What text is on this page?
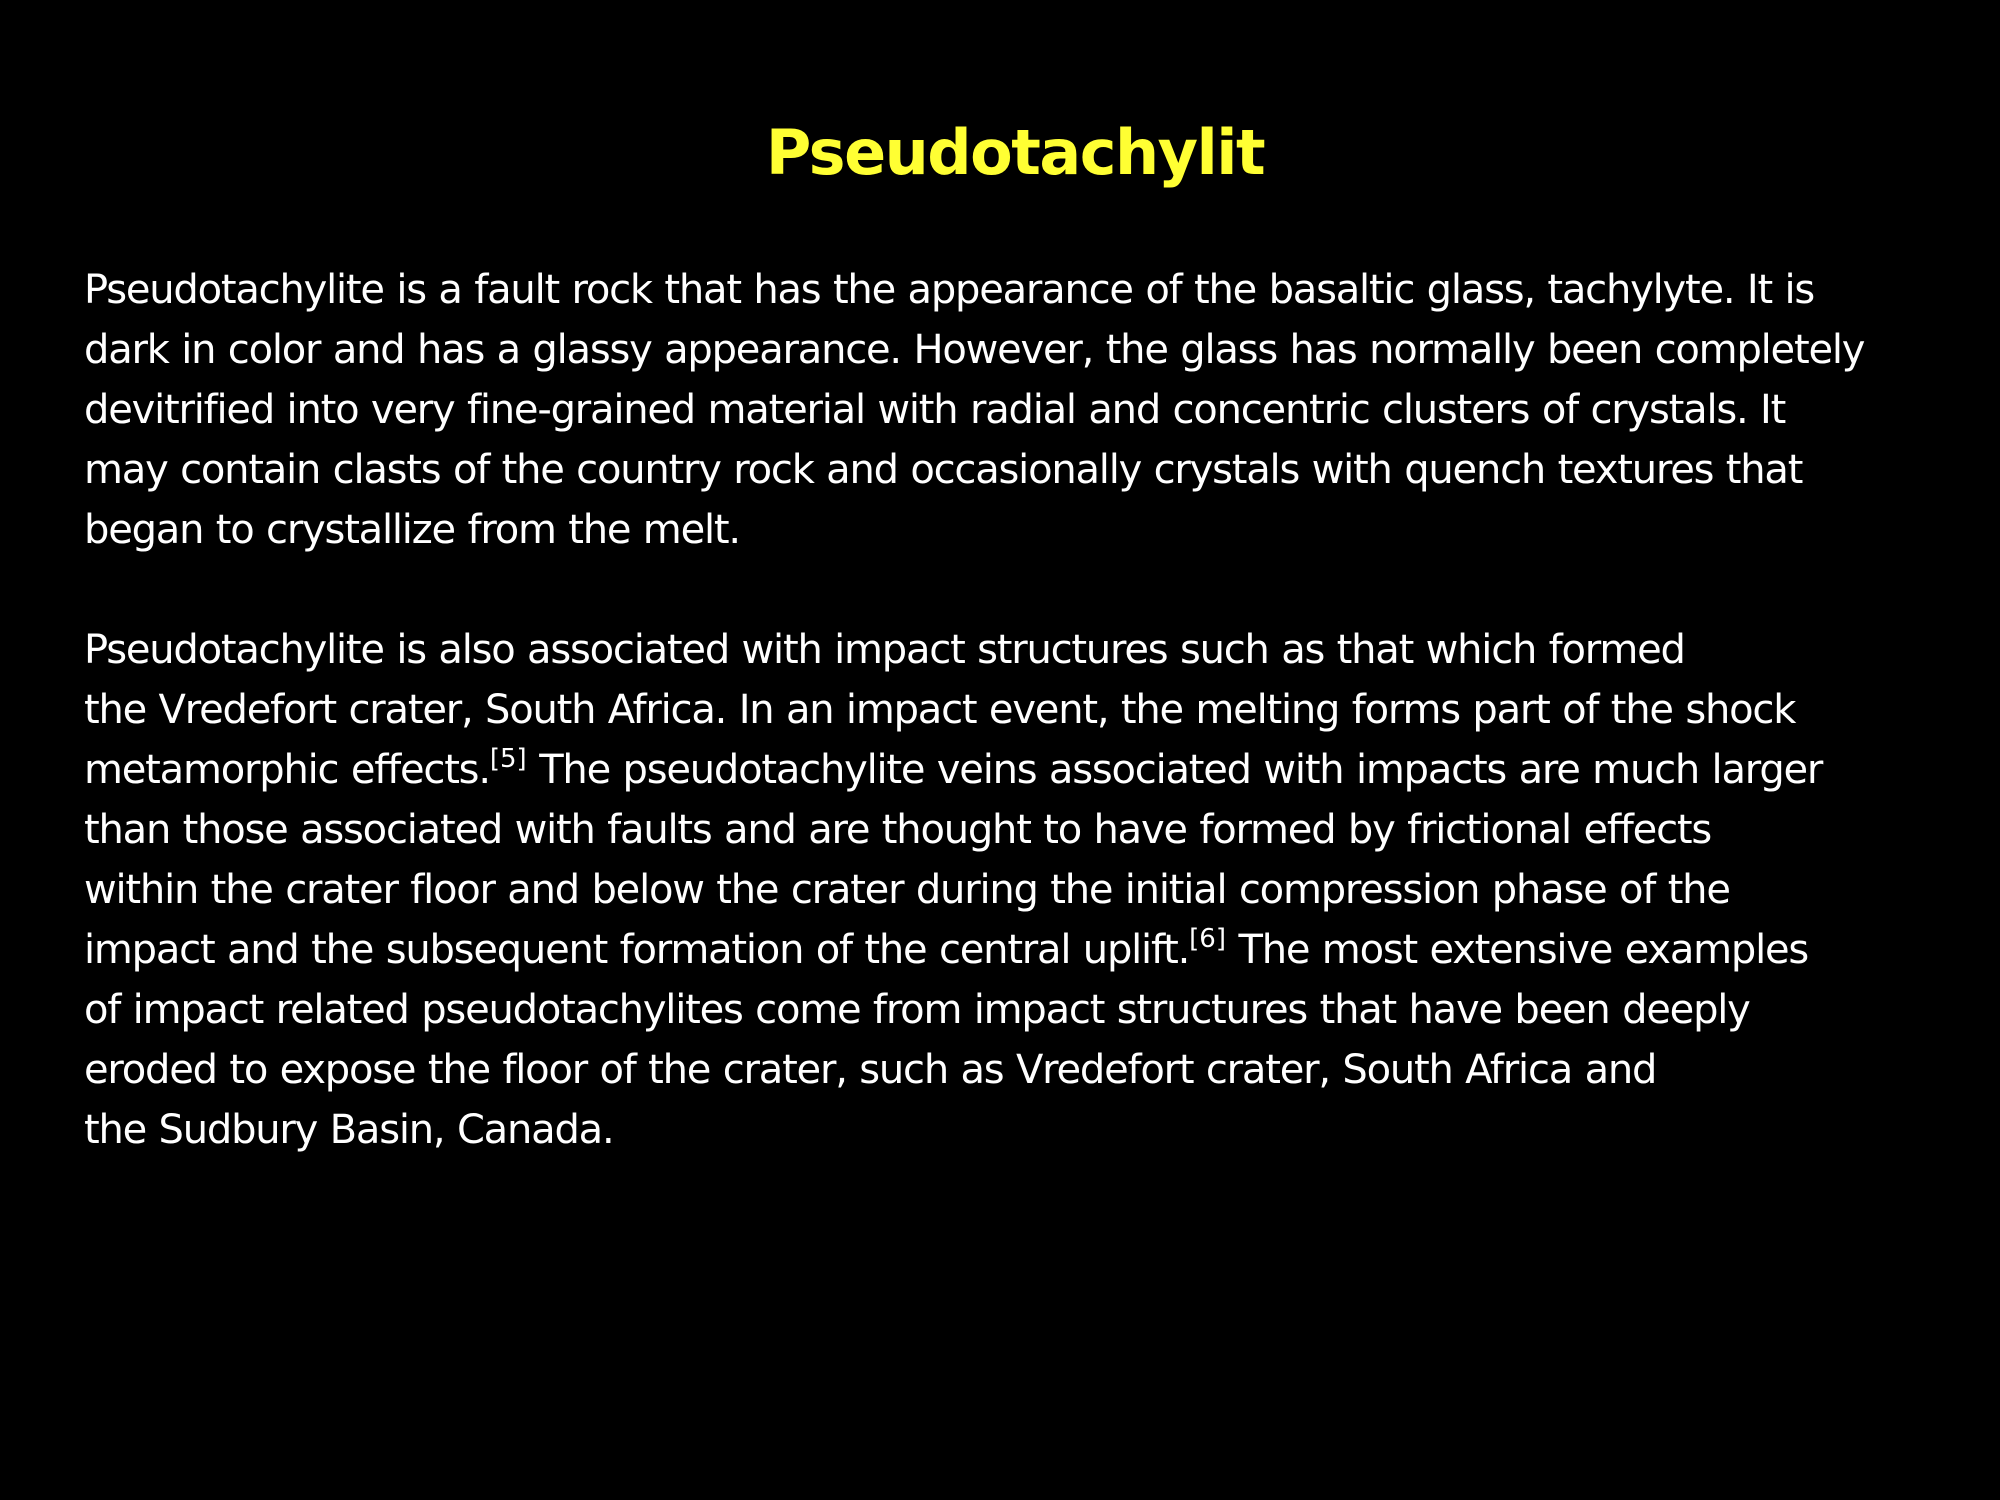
Pseudotachylit

Pseudotachylite is a fault rock that has the appearance of the basaltic glass, tachylyte. It is
dark in color and has a glassy appearance. However, the glass has normally been completely
devitrified into very fine-grained material with radial and concentric clusters of crystals. It
may contain clasts of the country rock and occasionally crystals with quench textures that
began to crystallize from the melt.

Pseudotachylite is also associated with impact structures such as that which formed
the Vredefort crater, South Africa. In an impact event, the melting forms part of the shock
metamorphic effects.[5] The pseudotachylite veins associated with impacts are much larger
than those associated with faults and are thought to have formed by frictional effects
within the crater floor and below the crater during the initial compression phase of the
impact and the subsequent formation of the central uplift.[6] The most extensive examples
of impact related pseudotachylites come from impact structures that have been deeply
eroded to expose the floor of the crater, such as Vredefort crater, South Africa and
the Sudbury Basin, Canada.
